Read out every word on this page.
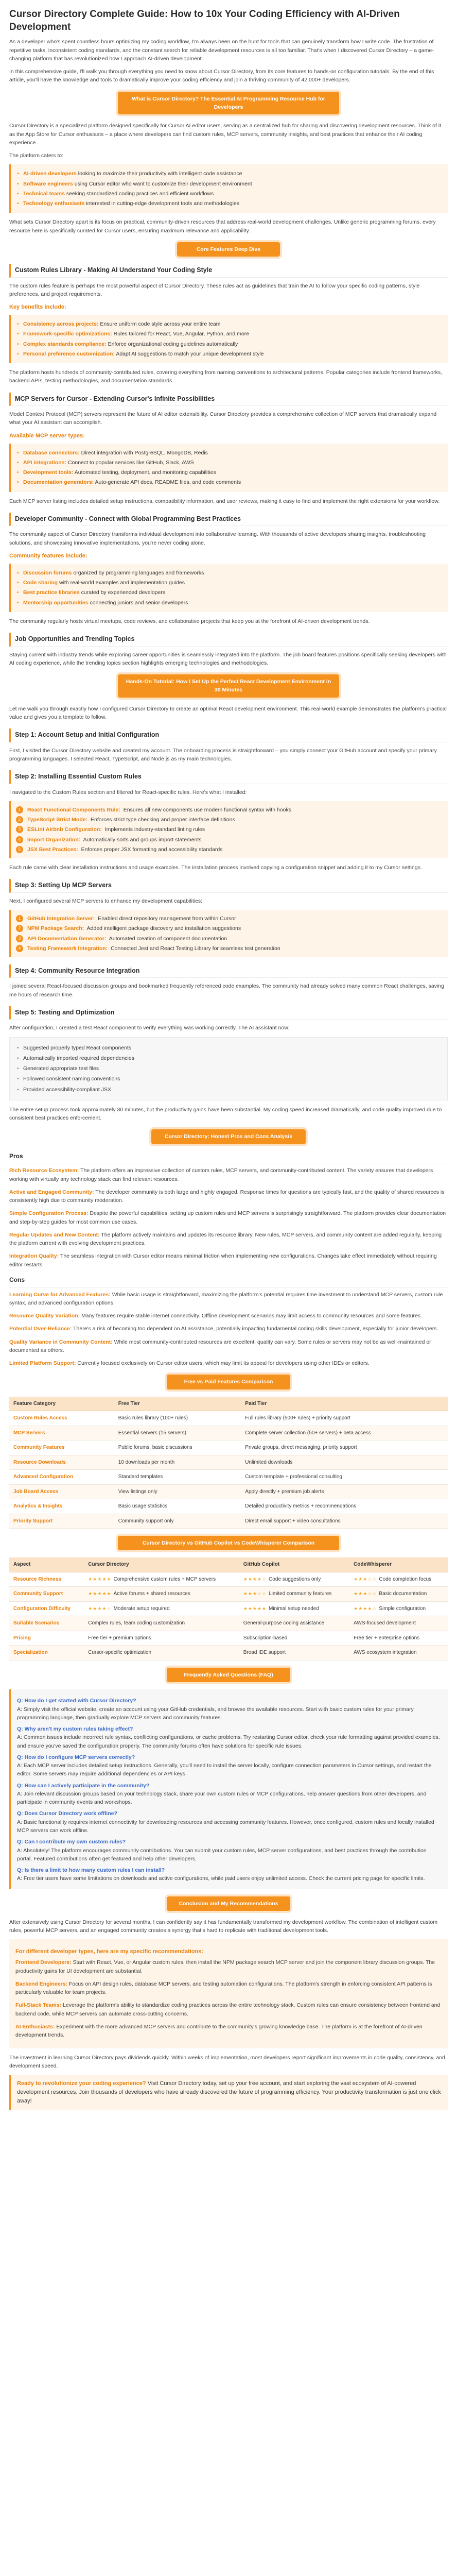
Cursor Directory Complete Guide: How to 10x Your Coding Efficiency with AI-Driven Development

As a developer who's spent countless hours optimizing my coding workflow, I'm always been on the hunt for tools that can genuinely transform how I write code. The frustration of repetitive tasks, inconsistent coding standards, and the constant search for reliable development resources is all too familiar. That's when I discovered Cursor Directory – a game-changing platform that has revolutionized how I approach AI-driven development.

In this comprehensive guide, I'll walk you through everything you need to know about Cursor Directory, from its core features to hands-on configuration tutorials. By the end of this article, you'll have the knowledge and tools to dramatically improve your coding efficiency and join a thriving community of 42,000+ developers.

What is Cursor Directory? The Essential AI Programming Resource Hub for Developers

Cursor Directory is a specialized platform designed specifically for Cursor AI editor users, serving as a centralized hub for sharing and discovering development resources. Think of it as the App Store for Cursor enthusiasts – a place where developers can find custom rules, MCP servers, community insights, and best practices that enhance their AI coding experience.

The platform caters to:

• AI-driven developers looking to maximize their productivity with intelligent code assistance
• Software engineers using Cursor editor who want to customize their development environment
• Technical teams seeking standardized coding practices and efficient workflows
• Technology enthusiasts interested in cutting-edge development tools and methodologies

What sets Cursor Directory apart is its focus on practical, community-driven resources that address real-world development challenges. Unlike generic programming forums, every resource here is specifically curated for Cursor users, ensuring maximum relevance and applicability.

Core Features Deep Dive
Custom Rules Library - Making AI Understand Your Coding Style

The custom rules feature is perhaps the most powerful aspect of Cursor Directory. These rules act as guidelines that train the AI to follow your specific coding patterns, style preferences, and project requirements.

Key benefits include:
• Consistency across projects: Ensure uniform code style across your entire team
• Framework-specific optimizations: Rules tailored for React, Vue, Angular, Python, and more
• Complex standards compliance: Enforce organizational coding guidelines automatically
• Personal preference customization: Adapt AI suggestions to match your unique development style

The platform hosts hundreds of community-contributed rules, covering everything from naming conventions to architectural patterns. Popular categories include frontend frameworks, backend APIs, testing methodologies, and documentation standards.

MCP Servers for Cursor - Extending Cursor's Infinite Possibilities

Model Context Protocol (MCP) servers represent the future of AI editor extensibility. Cursor Directory provides a comprehensive collection of MCP servers that dramatically expand what your AI assistant can accomplish.

Available MCP server types:
• Database connectors: Direct integration with PostgreSQL, MongoDB, Redis
• API integrations: Connect to popular services like GitHub, Slack, AWS
• Development tools: Automated testing, deployment, and monitoring capabilities
• Documentation generators: Auto-generate API docs, README files, and code comments

Each MCP server listing includes detailed setup instructions, compatibility information, and user reviews, making it easy to find and implement the right extensions for your workflow.

Developer Community - Connect with Global Programming Best Practices

The community aspect of Cursor Directory transforms individual development into collaborative learning. With thousands of active developers sharing insights, troubleshooting solutions, and showcasing innovative implementations, you're never coding alone.

Community features include:
• Discussion forums organized by programming languages and frameworks
• Code sharing with real-world examples and implementation guides
• Best practice libraries curated by experienced developers
• Mentorship opportunities connecting juniors and senior developers

The community regularly hosts virtual meetups, code reviews, and collaborative projects that keep you at the forefront of AI-driven development trends.

Job Opportunities and Trending Topics

Staying current with industry trends while exploring career opportunities is seamlessly integrated into the platform. The job board features positions specifically seeking developers with AI coding experience, while the trending topics section highlights emerging technologies and methodologies.

Hands-On Tutorial: How I Set Up the Perfect React Development Environment in 30 Minutes

Let me walk you through exactly how I configured Cursor Directory to create an optimal React development environment. This real-world example demonstrates the platform's practical value and gives you a template to follow.

Step 1: Account Setup and Initial Configuration

First, I visited the Cursor Directory website and created my account. The onboarding process is straightforward – you simply connect your GitHub account and specify your primary programming languages. I selected React, TypeScript, and Node.js as my main technologies.

Step 2: Installing Essential Custom Rules

I navigated to the Custom Rules section and filtered for React-specific rules. Here's what I installed:

1	React Functional Components Rule: Ensures all new components use modern functional syntax with hooks
2	TypeScript Strict Mode: Enforces strict type checking and proper interface definitions
3	ESLint Airbnb Configuration: Implements industry-standard linting rules
4	Import Organization: Automatically sorts and groups import statements
5	JSX Best Practices: Enforces proper JSX formatting and accessibility standards

Each rule came with clear installation instructions and usage examples. The installation process involved copying a configuration snippet and adding it to my Cursor settings.

Step 3: Setting Up MCP Servers

Next, I configured several MCP servers to enhance my development capabilities:

1	GitHub Integration Server: Enabled direct repository management from within Cursor
2	NPM Package Search: Added intelligent package discovery and installation suggestions
3	API Documentation Generator: Automated creation of component documentation
4	Testing Framework Integration: Connected Jest and React Testing Library for seamless test generation
Step 4: Community Resource Integration

I joined several React-focused discussion groups and bookmarked frequently referenced code examples. The community had already solved many common React challenges, saving me hours of research time.

Step 5: Testing and Optimization

After configuration, I created a test React component to verify everything was working correctly. The AI assistant now:

• Suggested properly typed React components
• Automatically imported required dependencies
• Generated appropriate test files
• Followed consistent naming conventions
• Provided accessibility-compliant JSX

The entire setup process took approximately 30 minutes, but the productivity gains have been substantial. My coding speed increased dramatically, and code quality improved due to consistent best practices enforcement.

Cursor Directory: Honest Pros and Cons Analysis
Pros

Rich Resource Ecosystem: The platform offers an impressive collection of custom rules, MCP servers, and community-contributed content. The variety ensures that developers working with virtually any technology stack can find relevant resources.

Active and Engaged Community: The developer community is both large and highly engaged. Response times for questions are typically fast, and the quality of shared resources is consistently high due to community moderation.

Simple Configuration Process: Despite the powerful capabilities, setting up custom rules and MCP servers is surprisingly straightforward. The platform provides clear documentation and step-by-step guides for most common use cases.

Regular Updates and New Content: The platform actively maintains and updates its resource library. New rules, MCP servers, and community content are added regularly, keeping the platform current with evolving development practices.

Integration Quality: The seamless integration with Cursor editor means minimal friction when implementing new configurations. Changes take effect immediately without requiring editor restarts.

Cons

Learning Curve for Advanced Features: While basic usage is straightforward, maximizing the platform's potential requires time investment to understand MCP servers, custom rule syntax, and advanced configuration options.

Resource Quality Variation: Many features require stable internet connectivity. Offline development scenarios may limit access to community resources and some features.

Potential Over-Reliance: There's a risk of becoming too dependent on AI assistance, potentially impacting fundamental coding skills development, especially for junior developers.

Quality Variance in Community Content: While most community-contributed resources are excellent, quality can vary. Some rules or servers may not be as well-maintained or documented as others.

Limited Platform Support: Currently focused exclusively on Cursor editor users, which may limit its appeal for developers using other IDEs or editors.

Free vs Paid Features Comparison
Feature Category	Free Tier	Paid Tier
Custom Rules Access	Basic rules library (100+ rules)	Full rules library (500+ rules) + priority support
MCP Servers	Essential servers (15 servers)	Complete server collection (50+ servers) + beta access
Community Features	Public forums, basic discussions	Private groups, direct messaging, priority support
Resource Downloads	10 downloads per month	Unlimited downloads
Advanced Configuration	Standard templates	Custom template + professional consulting
Job Board Access	View listings only	Apply directly + premium job alerts
Analytics & Insights	Basic usage statistics	Detailed productivity metrics + recommendations
Priority Support	Community support only	Direct email support + video consultations
Cursor Directory vs GitHub Copilot vs CodeWhisperer Comparison
Aspect	Cursor Directory	GitHub Copilot	CodeWhisperer
Resource Richness	★★★★★ Comprehensive custom rules + MCP servers	★★★★☆ Code suggestions only	★★★☆☆ Code completion focus
Community Support	★★★★★ Active forums + shared resources	★★★☆☆ Limited community features	★★★☆☆ Basic documentation
Configuration Difficulty	★★★★☆ Moderate setup required	★★★★★ Minimal setup needed	★★★★☆ Simple configuration
Suitable Scenarios	Complex rules, team coding customization	General-purpose coding assistance	AWS-focused development
Pricing	Free tier + premium options	Subscription-based	Free tier + enterprise options
Specialization	Cursor-specific optimization	Broad IDE support	AWS ecosystem integration
Frequently Asked Questions (FAQ)
Q: How do I get started with Cursor Directory?
A: Simply visit the official website, create an account using your GitHub credentials, and browse the available resources. Start with basic custom rules for your primary programming language, then gradually explore MCP servers and community features.
Q: Why aren't my custom rules taking effect?
A: Common issues include incorrect rule syntax, conflicting configurations, or cache problems. Try restarting Cursor editor, check your rule formatting against provided examples, and ensure you've saved the configuration properly. The community forums often have solutions for specific rule issues.
Q: How do I configure MCP servers correctly?
A: Each MCP server includes detailed setup instructions. Generally, you'll need to install the server locally, configure connection parameters in Cursor settings, and restart the editor. Some servers may require additional dependencies or API keys.
Q: How can I actively participate in the community?
A: Join relevant discussion groups based on your technology stack, share your own custom rules or MCP configurations, help answer questions from other developers, and participate in community events and workshops.
Q: Does Cursor Directory work offline?
A: Basic functionality requires internet connectivity for downloading resources and accessing community features. However, once configured, custom rules and locally installed MCP servers can work offline.
Q: Can I contribute my own custom rules?
A: Absolutely! The platform encourages community contributions. You can submit your custom rules, MCP server configurations, and best practices through the contribution portal. Featured contributions often get featured and help other developers.
Q: Is there a limit to how many custom rules I can install?
A: Free tier users have some limitations on downloads and active configurations, while paid users enjoy unlimited access. Check the current pricing page for specific limits.
Conclusion and My Recommendations

After extensively using Cursor Directory for several months, I can confidently say it has fundamentally transformed my development workflow. The combination of intelligent custom rules, powerful MCP servers, and an engaged community creates a synergy that's hard to replicate with traditional development tools.

For different developer types, here are my specific recommendations:

Frontend Developers: Start with React, Vue, or Angular custom rules, then install the NPM package search MCP server and join the component library discussion groups. The productivity gains for UI development are substantial.

Backend Engineers: Focus on API design rules, database MCP servers, and testing automation configurations. The platform's strength in enforcing consistent API patterns is particularly valuable for team projects.

Full-Stack Teams: Leverage the platform's ability to standardize coding practices across the entire technology stack. Custom rules can ensure consistency between frontend and backend code, while MCP servers can automate cross-cutting concerns.

AI Enthusiasts: Experiment with the more advanced MCP servers and contribute to the community's growing knowledge base. The platform is at the forefront of AI-driven development trends.

The investment in learning Cursor Directory pays dividends quickly. Within weeks of implementation, most developers report significant improvements in code quality, consistency, and development speed.

Ready to revolutionize your coding experience? Visit Cursor Directory today, set up your free account, and start exploring the vast ecosystem of AI-powered development resources. Join thousands of developers who have already discovered the future of programming efficiency. Your productivity transformation is just one click away!
